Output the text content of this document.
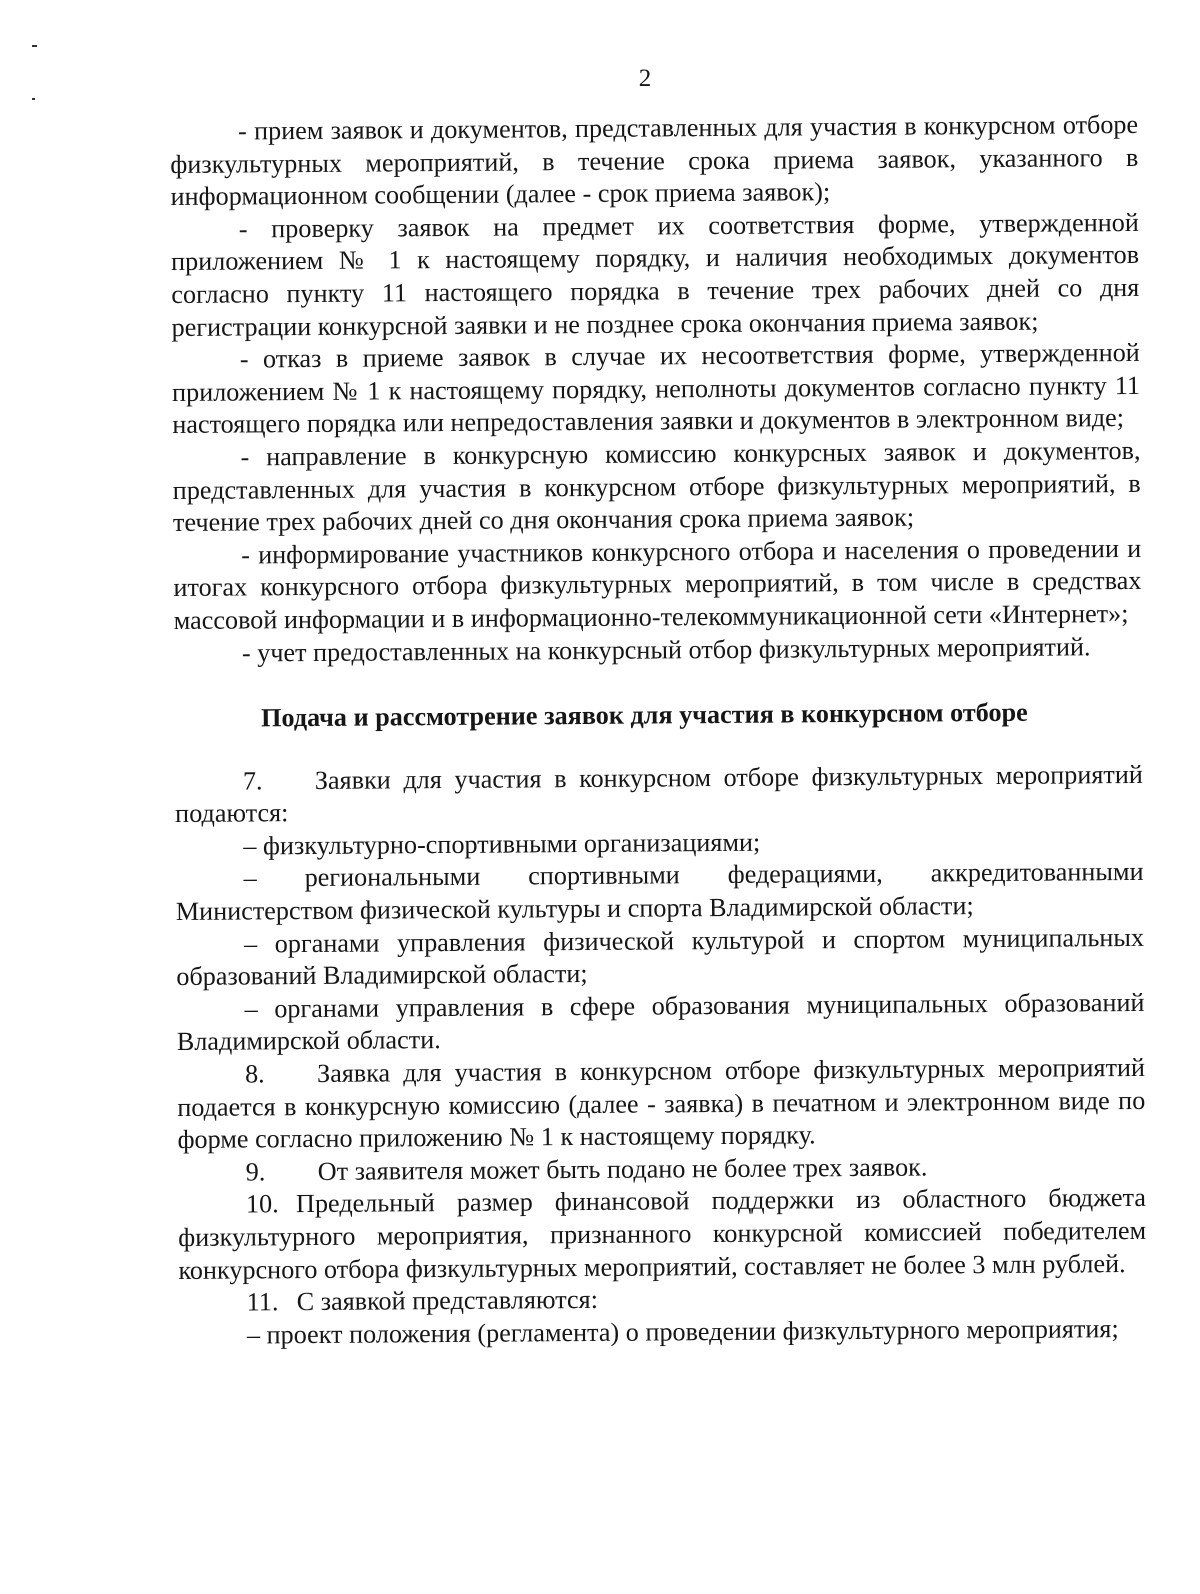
2

- прием заявок и документов, представленных для участия в конкурсном отборе физкультурных мероприятий, в течение срока приема заявок, указанного в информационном сообщении (далее - срок приема заявок);

- проверку заявок на предмет их соответствия форме, утвержденной приложением № 1 к настоящему порядку, и наличия необходимых документов согласно пункту 11 настоящего порядка в течение трех рабочих дней со дня регистрации конкурсной заявки и не позднее срока окончания приема заявок;

- отказ в приеме заявок в случае их несоответствия форме, утвержденной приложением № 1 к настоящему порядку, неполноты документов согласно пункту 11 настоящего порядка или непредоставления заявки и документов в электронном виде;

- направление в конкурсную комиссию конкурсных заявок и документов, представленных для участия в конкурсном отборе физкультурных мероприятий, в течение трех рабочих дней со дня окончания срока приема заявок;

- информирование участников конкурсного отбора и населения о проведении и итогах конкурсного отбора физкультурных мероприятий, в том числе в средствах массовой информации и в информационно-телекоммуникационной сети «Интернет»;

- учет предоставленных на конкурсный отбор физкультурных мероприятий.

Подача и рассмотрение заявок для участия в конкурсном отборе

7. Заявки для участия в конкурсном отборе физкультурных мероприятий подаются:

– физкультурно-спортивными организациями;

– региональными спортивными федерациями, аккредитованными Министерством физической культуры и спорта Владимирской области;

– органами управления физической культурой и спортом муниципальных образований Владимирской области;

– органами управления в сфере образования муниципальных образований Владимирской области.

8. Заявка для участия в конкурсном отборе физкультурных мероприятий подается в конкурсную комиссию (далее - заявка) в печатном и электронном виде по форме согласно приложению № 1 к настоящему порядку.

9. От заявителя может быть подано не более трех заявок.

10. Предельный размер финансовой поддержки из областного бюджета физкультурного мероприятия, признанного конкурсной комиссией победителем конкурсного отбора физкультурных мероприятий, составляет не более 3 млн рублей.

11. С заявкой представляются:

– проект положения (регламента) о проведении физкультурного мероприятия;
